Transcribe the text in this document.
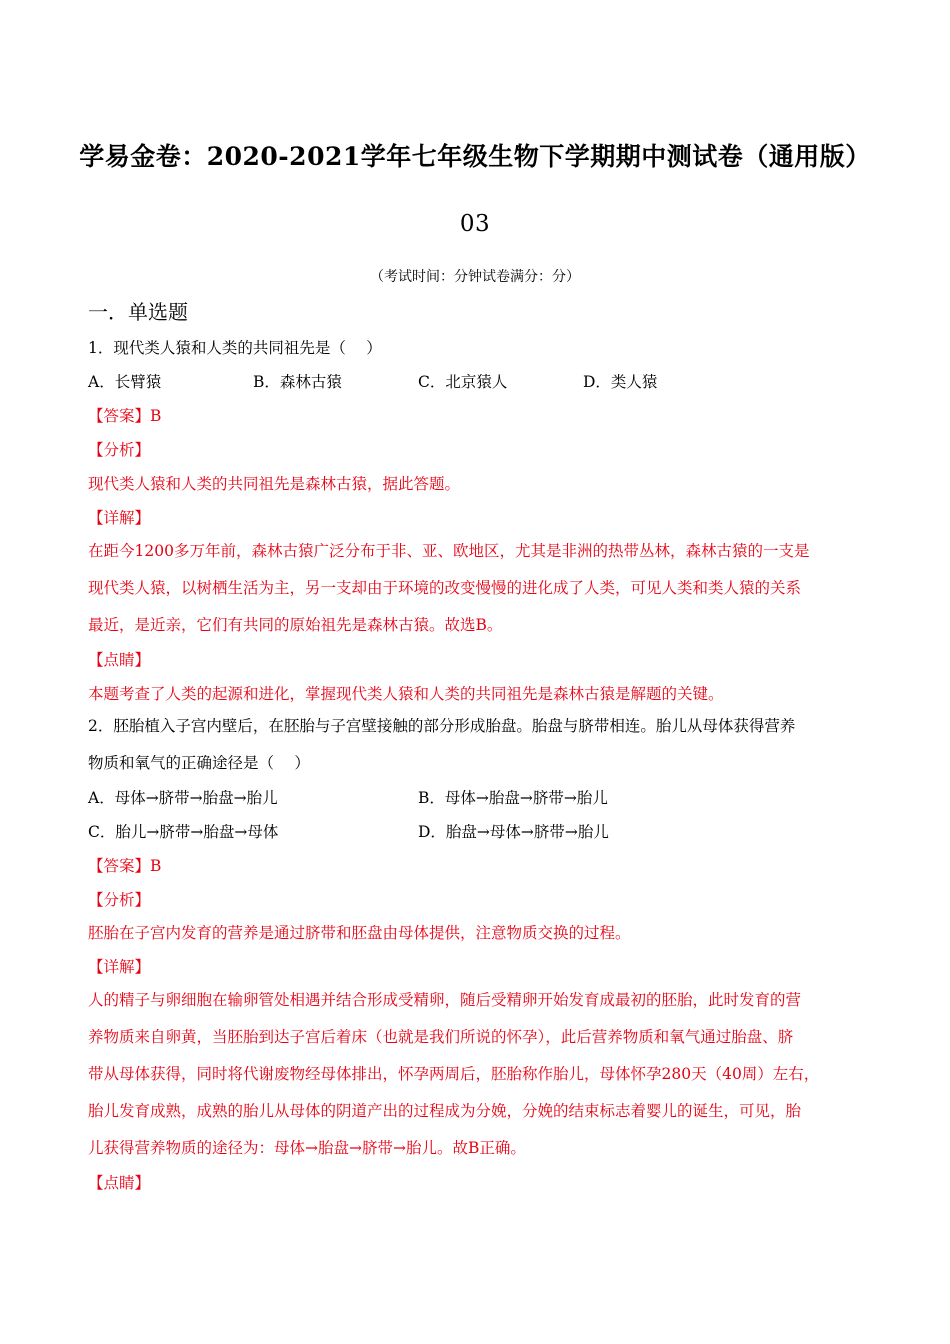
学易金卷：2020-2021学年七年级生物下学期期中测试卷（通用版）
03
（考试时间：分钟试卷满分：分）
一．单选题
1．现代类人猿和人类的共同祖先是（　 ）
A．长臂猿	B．森林古猿	C．北京猿人	D．类人猿
【答案】B
【分析】
现代类人猿和人类的共同祖先是森林古猿，据此答题。
【详解】
在距今1200多万年前，森林古猿广泛分布于非、亚、欧地区，尤其是非洲的热带丛林，森林古猿的一支是
现代类人猿，以树栖生活为主，另一支却由于环境的改变慢慢的进化成了人类，可见人类和类人猿的关系
最近，是近亲，它们有共同的原始祖先是森林古猿。故选B。
【点睛】
本题考查了人类的起源和进化，掌握现代类人猿和人类的共同祖先是森林古猿是解题的关键。
2．胚胎植入子宫内壁后，在胚胎与子宫壁接触的部分形成胎盘。胎盘与脐带相连。胎儿从母体获得营养
物质和氧气的正确途径是（　 ）
A．母体→脐带→胎盘→胎儿	B．母体→胎盘→脐带→胎儿
C．胎儿→脐带→胎盘→母体	D．胎盘→母体→脐带→胎儿
【答案】B
【分析】
胚胎在子宫内发育的营养是通过脐带和胚盘由母体提供，注意物质交换的过程。
【详解】
人的精子与卵细胞在输卵管处相遇并结合形成受精卵，随后受精卵开始发育成最初的胚胎，此时发育的营
养物质来自卵黄，当胚胎到达子宫后着床（也就是我们所说的怀孕），此后营养物质和氧气通过胎盘、脐
带从母体获得，同时将代谢废物经母体排出，怀孕两周后，胚胎称作胎儿，母体怀孕280天（40周）左右，
胎儿发育成熟，成熟的胎儿从母体的阴道产出的过程成为分娩，分娩的结束标志着婴儿的诞生，可见，胎
儿获得营养物质的途径为：母体→胎盘→脐带→胎儿。故B正确。
【点睛】
